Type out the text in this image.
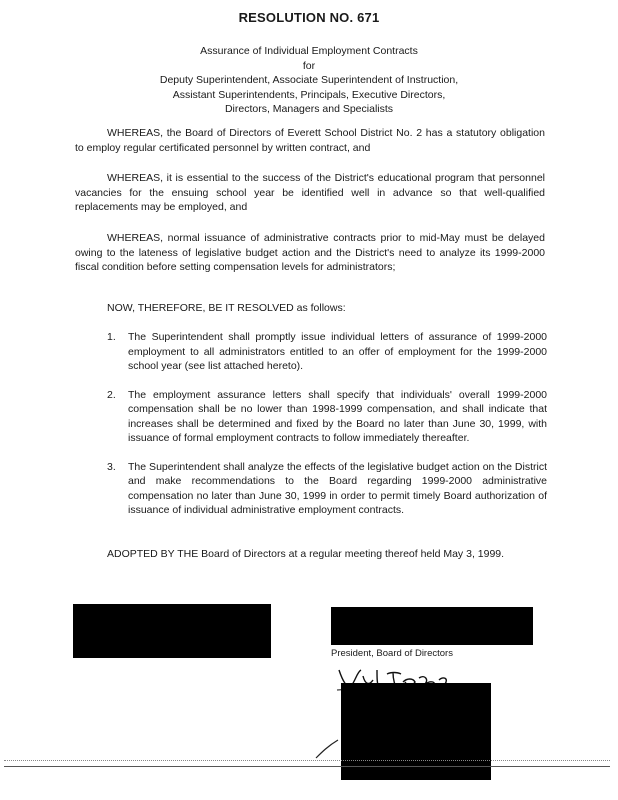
RESOLUTION NO. 671
Assurance of Individual Employment Contracts
for
Deputy Superintendent, Associate Superintendent of Instruction,
Assistant Superintendents, Principals, Executive Directors,
Directors, Managers and Specialists

WHEREAS, the Board of Directors of Everett School District No. 2 has a statutory obligation to employ regular certificated personnel by written contract, and

WHEREAS, it is essential to the success of the District's educational program that personnel vacancies for the ensuing school year be identified well in advance so that well-qualified replacements may be employed, and

WHEREAS, normal issuance of administrative contracts prior to mid-May must be delayed owing to the lateness of legislative budget action and the District's need to analyze its 1999-2000 fiscal condition before setting compensation levels for administrators;

NOW, THEREFORE, BE IT RESOLVED as follows:

1. The Superintendent shall promptly issue individual letters of assurance of 1999-2000 employment to all administrators entitled to an offer of employment for the 1999-2000 school year (see list attached hereto).
2. The employment assurance letters shall specify that individuals' overall 1999-2000 compensation shall be no lower than 1998-1999 compensation, and shall indicate that increases shall be determined and fixed by the Board no later than June 30, 1999, with issuance of formal employment contracts to follow immediately thereafter.
3. The Superintendent shall analyze the effects of the legislative budget action on the District and make recommendations to the Board regarding 1999-2000 administrative compensation no later than June 30, 1999 in order to permit timely Board authorization of issuance of individual administrative employment contracts.

ADOPTED BY THE Board of Directors at a regular meeting thereof held May 3, 1999.

President, Board of Directors
